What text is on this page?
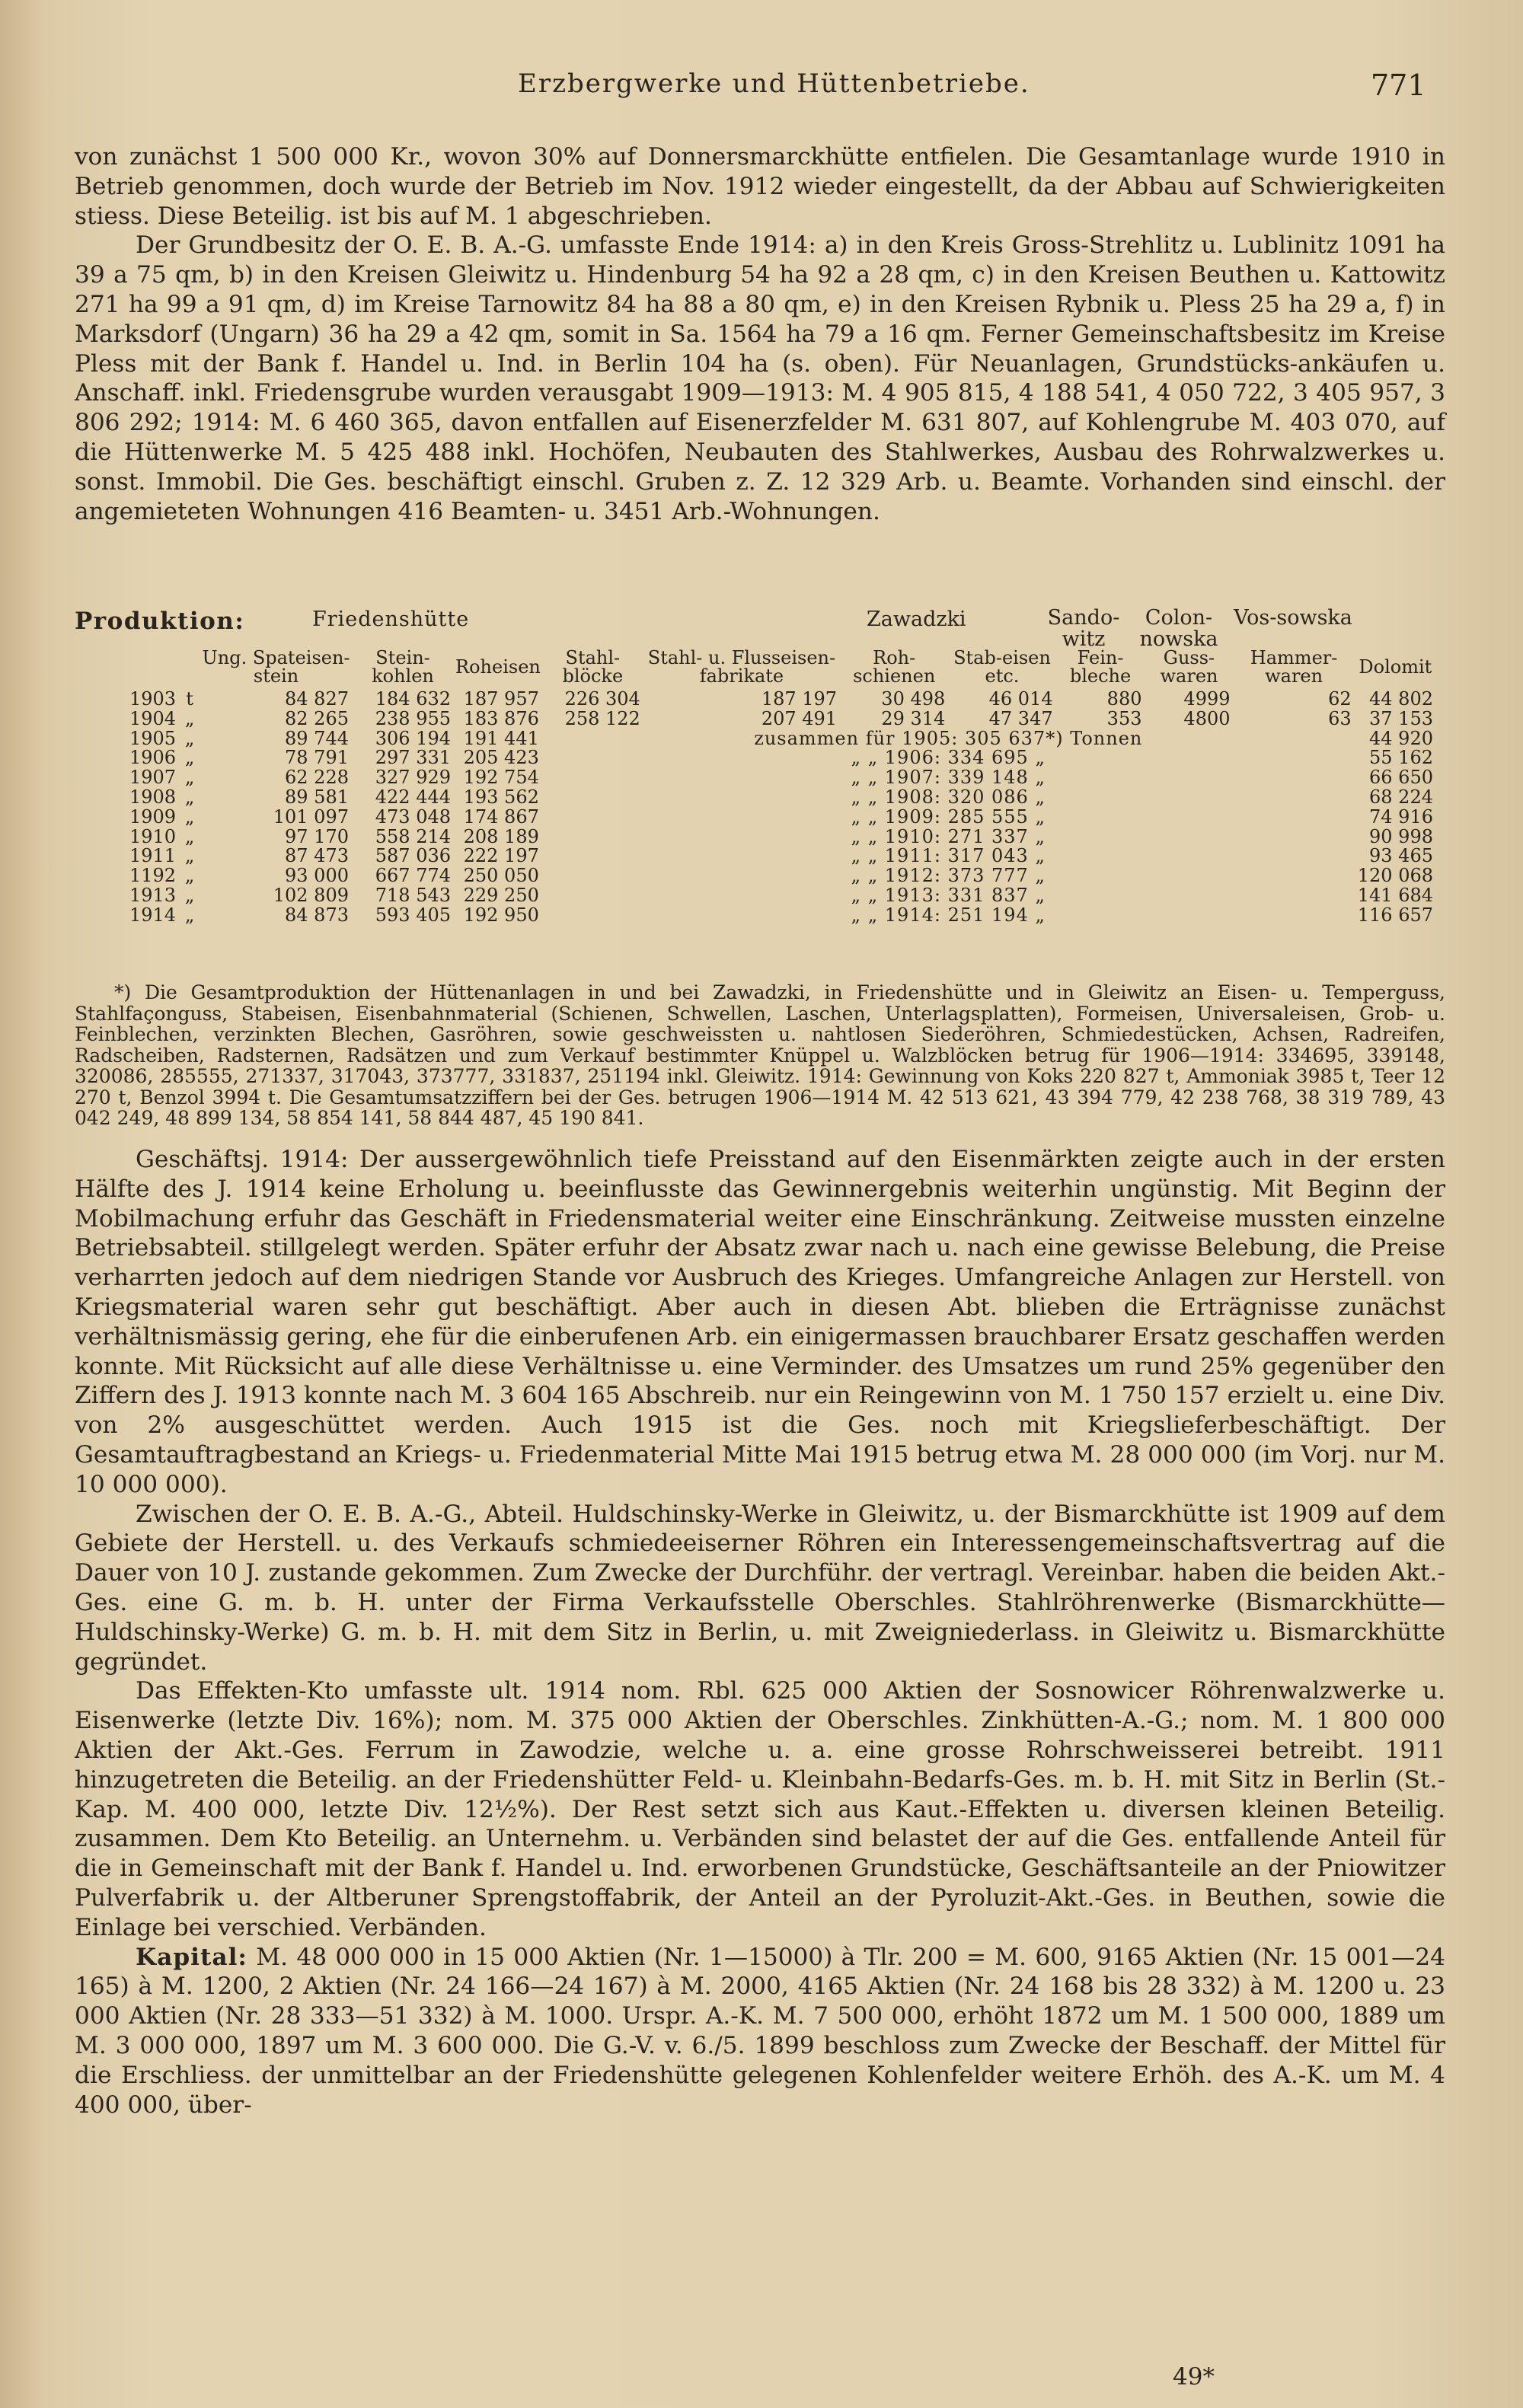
Erzbergwerke und Hüttenbetriebe.	771

von zunächst 1 500 000 Kr., wovon 30% auf Donnersmarckhütte entfielen. Die Gesamtanlage wurde 1910 in Betrieb genommen, doch wurde der Betrieb im Nov. 1912 wieder eingestellt, da der Abbau auf Schwierigkeiten stiess. Diese Beteilig. ist bis auf M. 1 abgeschrieben.

Der Grundbesitz der O. E. B. A.-G. umfasste Ende 1914: a) in den Kreis Gross-Strehlitz u. Lublinitz 1091 ha 39 a 75 qm, b) in den Kreisen Gleiwitz u. Hindenburg 54 ha 92 a 28 qm, c) in den Kreisen Beuthen u. Kattowitz 271 ha 99 a 91 qm, d) im Kreise Tarnowitz 84 ha 88 a 80 qm, e) in den Kreisen Rybnik u. Pless 25 ha 29 a, f) in Marksdorf (Ungarn) 36 ha 29 a 42 qm, somit in Sa. 1564 ha 79 a 16 qm. Ferner Gemeinschaftsbesitz im Kreise Pless mit der Bank f. Handel u. Ind. in Berlin 104 ha (s. oben). Für Neuanlagen, Grundstücks-ankäufen u. Anschaff. inkl. Friedensgrube wurden verausgabt 1909—1913: M. 4 905 815, 4 188 541, 4 050 722, 3 405 957, 3 806 292; 1914: M. 6 460 365, davon entfallen auf Eisenerzfelder M. 631 807, auf Kohlengrube M. 403 070, auf die Hüttenwerke M. 5 425 488 inkl. Hochöfen, Neubauten des Stahlwerkes, Ausbau des Rohrwalzwerkes u. sonst. Immobil. Die Ges. beschäftigt einschl. Gruben z. Z. 12 329 Arb. u. Beamte. Vorhanden sind einschl. der angemieteten Wohnungen 416 Beamten- u. 3451 Arb.-Wohnungen.

Produktion:	Friedenshütte	Zawadzki	Sando-witz
Colon-nowska
Vos-sowska
		Ung. Spateisen-stein	Stein-kohlen	Roheisen	Stahl-blöcke	Stahl- u. Flusseisen-fabrikate	Roh-schienen	Stab-eisen etc.	Fein-bleche	Guss-waren	Hammer-waren	Dolomit
1903	t	84 827	184 632	187 957	226 304	187 197	30 498	46 014	880	4999	62	44 802
1904	„	82 265	238 955	183 876	258 122	207 491	29 314	47 347	353	4800	63	37 153
1905	„	89 744	306 194	191 441	zusammen für 1905: 305 637*) Tonnen							44 920
1906	„	78 791	297 331	205 423	„ „ 1906: 334 695 „							55 162
1907	„	62 228	327 929	192 754	„ „ 1907: 339 148 „							66 650
1908	„	89 581	422 444	193 562	„ „ 1908: 320 086 „							68 224
1909	„	101 097	473 048	174 867	„ „ 1909: 285 555 „							74 916
1910	„	97 170	558 214	208 189	„ „ 1910: 271 337 „							90 998
1911	„	87 473	587 036	222 197	„ „ 1911: 317 043 „							93 465
1192	„	93 000	667 774	250 050	„ „ 1912: 373 777 „							120 068
1913	„	102 809	718 543	229 250	„ „ 1913: 331 837 „							141 684
1914	„	84 873	593 405	192 950	„ „ 1914: 251 194 „							116 657

*) Die Gesamtproduktion der Hüttenanlagen in und bei Zawadzki, in Friedenshütte und in Gleiwitz an Eisen- u. Temperguss, Stahlfaçonguss, Stabeisen, Eisenbahnmaterial (Schienen, Schwellen, Laschen, Unterlagsplatten), Formeisen, Universaleisen, Grob- u. Feinblechen, verzinkten Blechen, Gasröhren, sowie geschweissten u. nahtlosen Siederöhren, Schmiedestücken, Achsen, Radreifen, Radscheiben, Radsternen, Radsätzen und zum Verkauf bestimmter Knüppel u. Walzblöcken betrug für 1906—1914: 334695, 339148, 320086, 285555, 271337, 317043, 373777, 331837, 251194 inkl. Gleiwitz. 1914: Gewinnung von Koks 220 827 t, Ammoniak 3985 t, Teer 12 270 t, Benzol 3994 t. Die Gesamtumsatzziffern bei der Ges. betrugen 1906—1914 M. 42 513 621, 43 394 779, 42 238 768, 38 319 789, 43 042 249, 48 899 134, 58 854 141, 58 844 487, 45 190 841.

Geschäftsj. 1914: Der aussergewöhnlich tiefe Preisstand auf den Eisenmärkten zeigte auch in der ersten Hälfte des J. 1914 keine Erholung u. beeinflusste das Gewinnergebnis weiterhin ungünstig. Mit Beginn der Mobilmachung erfuhr das Geschäft in Friedensmaterial weiter eine Einschränkung. Zeitweise mussten einzelne Betriebsabteil. stillgelegt werden. Später erfuhr der Absatz zwar nach u. nach eine gewisse Belebung, die Preise verharrten jedoch auf dem niedrigen Stande vor Ausbruch des Krieges. Umfangreiche Anlagen zur Herstell. von Kriegsmaterial waren sehr gut beschäftigt. Aber auch in diesen Abt. blieben die Erträgnisse zunächst verhältnismässig gering, ehe für die einberufenen Arb. ein einigermassen brauchbarer Ersatz geschaffen werden konnte. Mit Rücksicht auf alle diese Verhältnisse u. eine Verminder. des Umsatzes um rund 25% gegenüber den Ziffern des J. 1913 konnte nach M. 3 604 165 Abschreib. nur ein Reingewinn von M. 1 750 157 erzielt u. eine Div. von 2% ausgeschüttet werden. Auch 1915 ist die Ges. noch mit Kriegslieferbeschäftigt. Der Gesamtauftragbestand an Kriegs- u. Friedenmaterial Mitte Mai 1915 betrug etwa M. 28 000 000 (im Vorj. nur M. 10 000 000).

Zwischen der O. E. B. A.-G., Abteil. Huldschinsky-Werke in Gleiwitz, u. der Bismarckhütte ist 1909 auf dem Gebiete der Herstell. u. des Verkaufs schmiedeeiserner Röhren ein Interessengemeinschaftsvertrag auf die Dauer von 10 J. zustande gekommen. Zum Zwecke der Durchführ. der vertragl. Vereinbar. haben die beiden Akt.-Ges. eine G. m. b. H. unter der Firma Verkaufsstelle Oberschles. Stahlröhrenwerke (Bismarckhütte—Huldschinsky-Werke) G. m. b. H. mit dem Sitz in Berlin, u. mit Zweigniederlass. in Gleiwitz u. Bismarckhütte gegründet.

Das Effekten-Kto umfasste ult. 1914 nom. Rbl. 625 000 Aktien der Sosnowicer Röhrenwalzwerke u. Eisenwerke (letzte Div. 16%); nom. M. 375 000 Aktien der Oberschles. Zinkhütten-A.-G.; nom. M. 1 800 000 Aktien der Akt.-Ges. Ferrum in Zawodzie, welche u. a. eine grosse Rohrschweisserei betreibt. 1911 hinzugetreten die Beteilig. an der Friedenshütter Feld- u. Kleinbahn-Bedarfs-Ges. m. b. H. mit Sitz in Berlin (St.-Kap. M. 400 000, letzte Div. 12½%). Der Rest setzt sich aus Kaut.-Effekten u. diversen kleinen Beteilig. zusammen. Dem Kto Beteilig. an Unternehm. u. Verbänden sind belastet der auf die Ges. entfallende Anteil für die in Gemeinschaft mit der Bank f. Handel u. Ind. erworbenen Grundstücke, Geschäftsanteile an der Pniowitzer Pulverfabrik u. der Altberuner Sprengstoffabrik, der Anteil an der Pyroluzit-Akt.-Ges. in Beuthen, sowie die Einlage bei verschied. Verbänden.

Kapital: M. 48 000 000 in 15 000 Aktien (Nr. 1—15000) à Tlr. 200 = M. 600, 9165 Aktien (Nr. 15 001—24 165) à M. 1200, 2 Aktien (Nr. 24 166—24 167) à M. 2000, 4165 Aktien (Nr. 24 168 bis 28 332) à M. 1200 u. 23 000 Aktien (Nr. 28 333—51 332) à M. 1000. Urspr. A.-K. M. 7 500 000, erhöht 1872 um M. 1 500 000, 1889 um M. 3 000 000, 1897 um M. 3 600 000. Die G.-V. v. 6./5. 1899 beschloss zum Zwecke der Beschaff. der Mittel für die Erschliess. der unmittelbar an der Friedenshütte gelegenen Kohlenfelder weitere Erhöh. des A.-K. um M. 4 400 000, über-

49*
